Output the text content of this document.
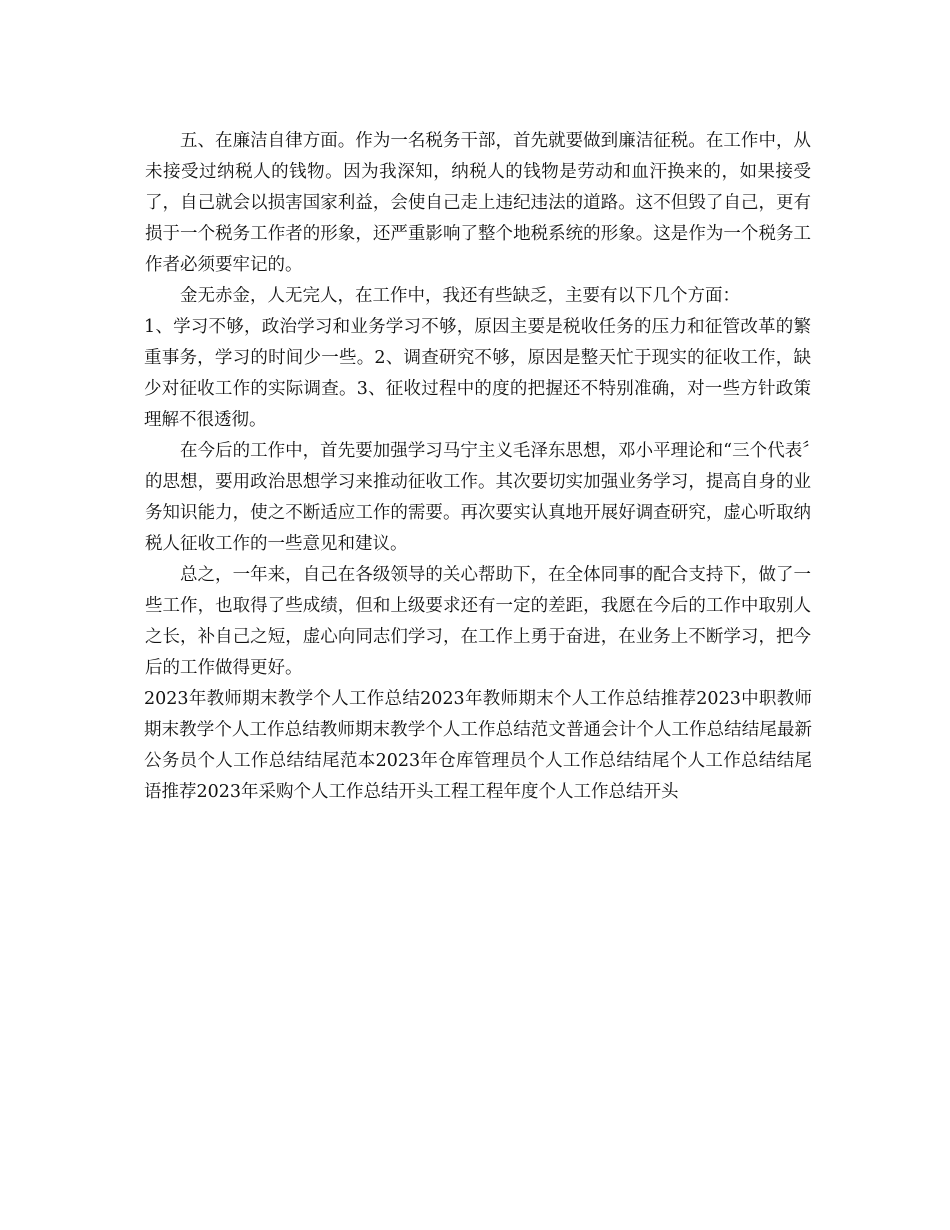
五、在廉洁自律方面。作为一名税务干部，首先就要做到廉洁征税。在工作中，从未接受过纳税人的钱物。因为我深知，纳税人的钱物是劳动和血汗换来的，如果接受了，自己就会以损害国家利益，会使自己走上违纪违法的道路。这不但毁了自己，更有损于一个税务工作者的形象，还严重影响了整个地税系统的形象。这是作为一个税务工作者必须要牢记的。

金无赤金，人无完人，在工作中，我还有些缺乏，主要有以下几个方面：

1、学习不够，政治学习和业务学习不够，原因主要是税收任务的压力和征管改革的繁重事务，学习的时间少一些。2、调查研究不够，原因是整天忙于现实的征收工作，缺少对征收工作的实际调查。3、征收过程中的度的把握还不特别准确，对一些方针政策理解不很透彻。

在今后的工作中，首先要加强学习马宁主义毛泽东思想，邓小平理论和“三个代表〞的思想，要用政治思想学习来推动征收工作。其次要切实加强业务学习，提高自身的业务知识能力，使之不断适应工作的需要。再次要实认真地开展好调查研究，虚心听取纳税人征收工作的一些意见和建议。

总之，一年来，自己在各级领导的关心帮助下，在全体同事的配合支持下，做了一些工作，也取得了些成绩，但和上级要求还有一定的差距，我愿在今后的工作中取别人之长，补自己之短，虚心向同志们学习，在工作上勇于奋进，在业务上不断学习，把今后的工作做得更好。

2023年教师期末教学个人工作总结2023年教师期末个人工作总结推荐2023中职教师期末教学个人工作总结教师期末教学个人工作总结范文普通会计个人工作总结结尾最新公务员个人工作总结结尾范本2023年仓库管理员个人工作总结结尾个人工作总结结尾语推荐2023年采购个人工作总结开头工程工程年度个人工作总结开头
